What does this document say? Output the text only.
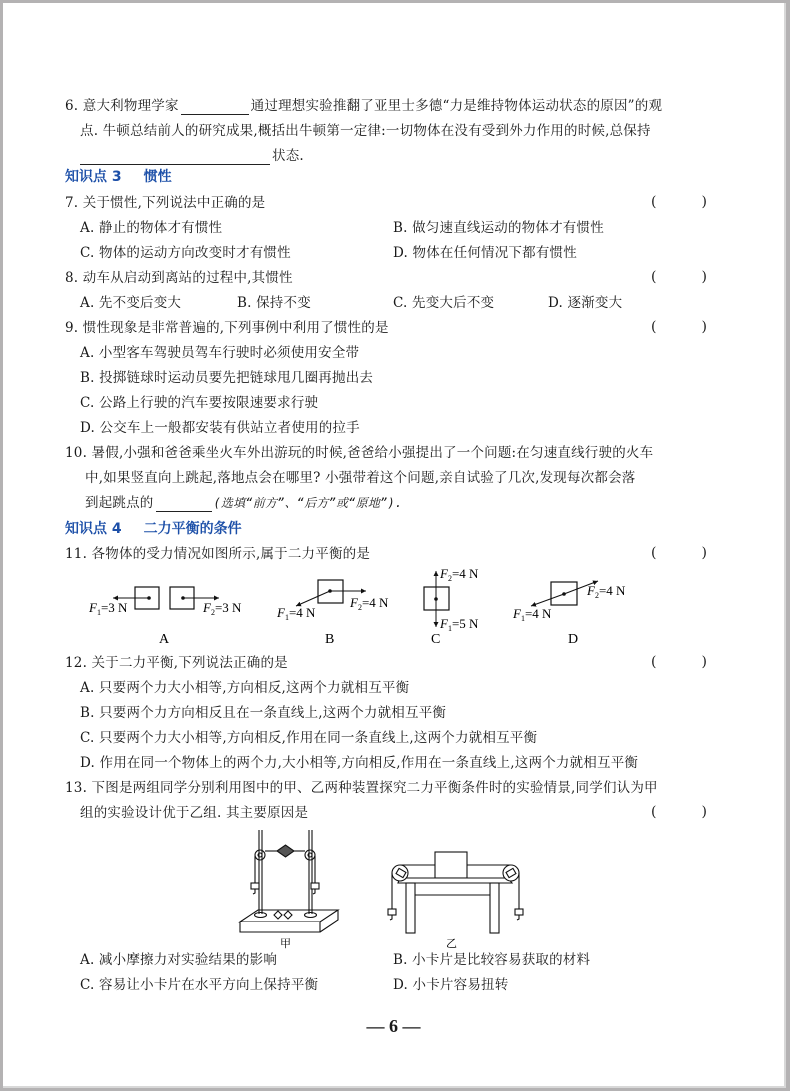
6. 意大利物理学家	通过理想实验推翻了亚里士多德“力是维持物体运动状态的原因”的观
点. 牛顿总结前人的研究成果,概括出牛顿第一定律:一切物体在没有受到外力作用的时候,总保持
状态.
知识点 3 惯性
7. 关于惯性,下列说法中正确的是	(	)
A. 静止的物体才有惯性	B. 做匀速直线运动的物体才有惯性
C. 物体的运动方向改变时才有惯性	D. 物体在任何情况下都有惯性
8. 动车从启动到离站的过程中,其惯性	(	)
A. 先不变后变大	B. 保持不变	C. 先变大后不变	D. 逐渐变大
9. 惯性现象是非常普遍的,下列事例中利用了惯性的是	(	)
A. 小型客车驾驶员驾车行驶时必须使用安全带
B. 投掷链球时运动员要先把链球甩几圈再抛出去
C. 公路上行驶的汽车要按限速要求行驶
D. 公交车上一般都安装有供站立者使用的拉手
10. 暑假,小强和爸爸乘坐火车外出游玩的时候,爸爸给小强提出了一个问题:在匀速直线行驶的火车
中,如果竖直向上跳起,落地点会在哪里? 小强带着这个问题,亲自试验了几次,发现每次都会落
到起跳点的	(选填“前方”、“后方”或“原地”).
知识点 4 二力平衡的条件
11. 各物体的受力情况如图所示,属于二力平衡的是	(	)
$F_1=3$ N	$F_2=3$ N
A
$F_1=4$ N
$F_2=4$ N
B
$F_2=4$ N
$F_1=5$ N
C
$F_1=4$ N
$F_2=4$ N
D
12. 关于二力平衡,下列说法正确的是	(	)
A. 只要两个力大小相等,方向相反,这两个力就相互平衡
B. 只要两个力方向相反且在一条直线上,这两个力就相互平衡
C. 只要两个力大小相等,方向相反,作用在同一条直线上,这两个力就相互平衡
D. 作用在同一个物体上的两个力,大小相等,方向相反,作用在一条直线上,这两个力就相互平衡
13. 下图是两组同学分别利用图中的甲、乙两种装置探究二力平衡条件时的实验情景,同学们认为甲
组的实验设计优于乙组. 其主要原因是	(	)
甲	乙
A. 减小摩擦力对实验结果的影响	B. 小卡片是比较容易获取的材料
C. 容易让小卡片在水平方向上保持平衡	D. 小卡片容易扭转
— 6 —
